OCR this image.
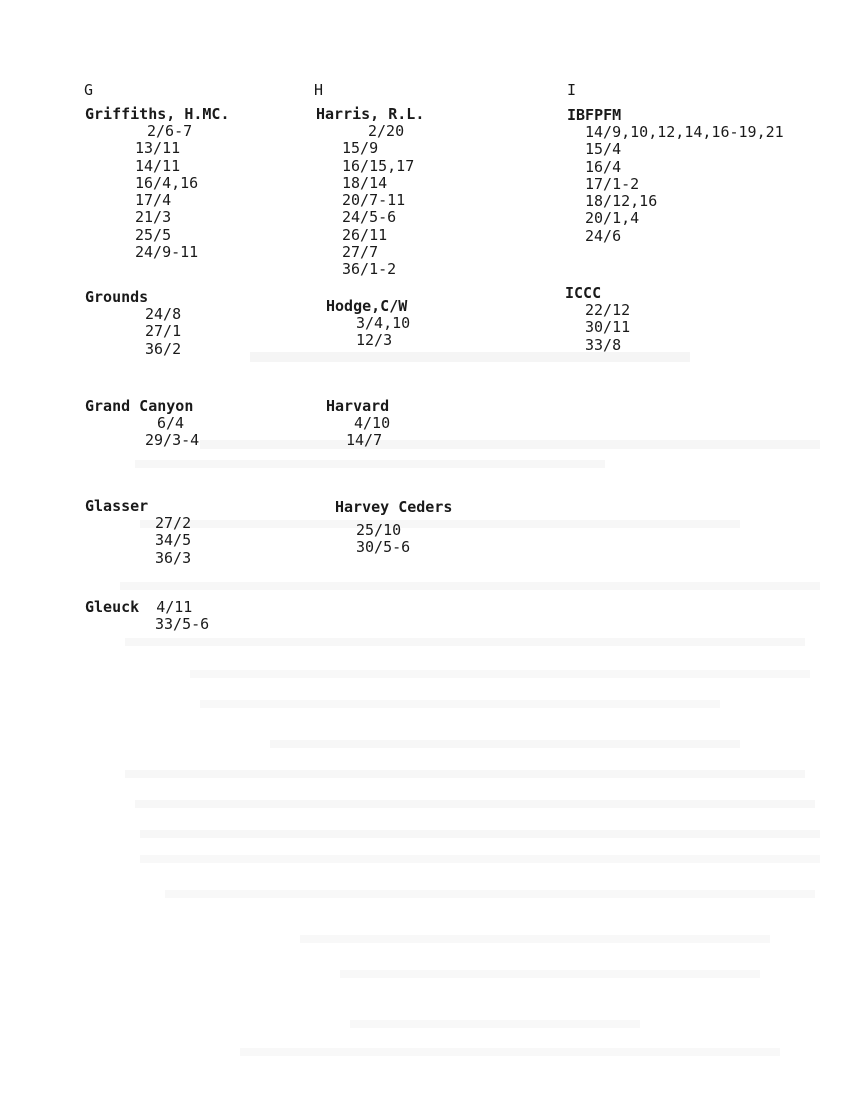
G	H	I
Griffiths, H.MC.
2/6-7
13/11
14/11
16/4,16
17/4
21/3
25/5
24/9-11
Grounds
24/8
27/1
36/2
Grand Canyon
6/4
29/3-4
Glasser
27/2
34/5
36/3
Gleuck 4/11
33/5-6
Harris, R.L.
2/20
15/9
16/15,17
18/14
20/7-11
24/5-6
26/11
27/7
36/1-2
Hodge,C/W
3/4,10
12/3
Harvard
4/10
14/7
Harvey Ceders
25/10
30/5-6
IBFPFM
14/9,10,12,14,16-19,21
15/4
16/4
17/1-2
18/12,16
20/1,4
24/6
ICCC
22/12
30/11
33/8
